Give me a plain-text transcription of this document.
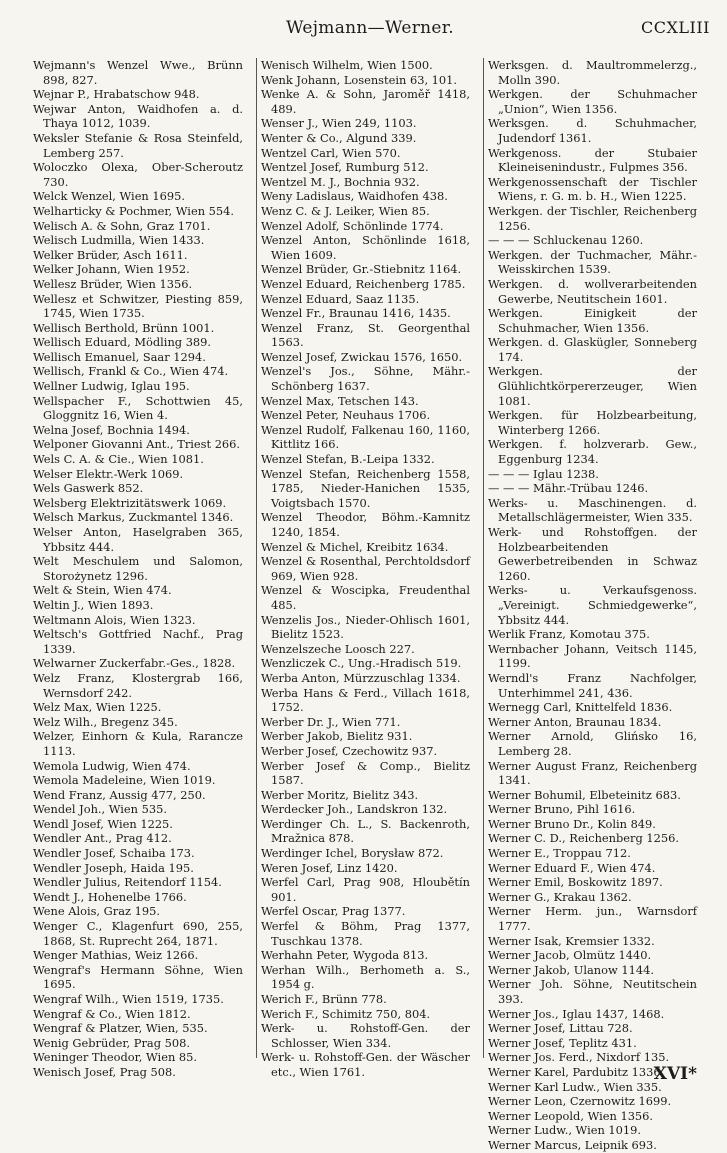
Wejmann—Werner.	CCXLIII
Wejmann's Wenzel Wwe., Brünn 898, 827.
Wejnar P., Hrabatschow 948.
Wejwar Anton, Waidhofen a. d. Thaya 1012, 1039.
Weksler Stefanie & Rosa Steinfeld, Lemberg 257.
Woloczko Olexa, Ober-Scheroutz 730.
Welck Wenzel, Wien 1695.
Welharticky & Pochmer, Wien 554.
Welisch A. & Sohn, Graz 1701.
Welisch Ludmilla, Wien 1433.
Welker Brüder, Asch 1611.
Welker Johann, Wien 1952.
Wellesz Brüder, Wien 1356.
Wellesz et Schwitzer, Piesting 859, 1745, Wien 1735.
Wellisch Berthold, Brünn 1001.
Wellisch Eduard, Mödling 389.
Wellisch Emanuel, Saar 1294.
Wellisch, Frankl & Co., Wien 474.
Wellner Ludwig, Iglau 195.
Wellspacher F., Schottwien 45, Gloggnitz 16, Wien 4.
Welna Josef, Bochnia 1494.
Welponer Giovanni Ant., Triest 266.
Wels C. A. & Cie., Wien 1081.
Welser Elektr.-Werk 1069.
Wels Gaswerk 852.
Welsberg Elektrizitätswerk 1069.
Welsch Markus, Zuckmantel 1346.
Welser Anton, Haselgraben 365, Ybbsitz 444.
Welt Meschulem und Salomon, Storożynetz 1296.
Welt & Stein, Wien 474.
Weltin J., Wien 1893.
Weltmann Alois, Wien 1323.
Weltsch's Gottfried Nachf., Prag 1339.
Welwarner Zuckerfabr.-Ges., 1828.
Welz Franz, Klostergrab 166, Wernsdorf 242.
Welz Max, Wien 1225.
Welz Wilh., Bregenz 345.
Welzer, Einhorn & Kula, Rarancze 1113.
Wemola Ludwig, Wien 474.
Wemola Madeleine, Wien 1019.
Wend Franz, Aussig 477, 250.
Wendel Joh., Wien 535.
Wendl Josef, Wien 1225.
Wendler Ant., Prag 412.
Wendler Josef, Schaiba 173.
Wendler Joseph, Haida 195.
Wendler Julius, Reitendorf 1154.
Wendt J., Hohenelbe 1766.
Wene Alois, Graz 195.
Wenger C., Klagenfurt 690, 255, 1868, St. Ruprecht 264, 1871.
Wenger Mathias, Weiz 1266.
Wengraf's Hermann Söhne, Wien 1695.
Wengraf Wilh., Wien 1519, 1735.
Wengraf & Co., Wien 1812.
Wengraf & Platzer, Wien, 535.
Wenig Gebrüder, Prag 508.
Weninger Theodor, Wien 85.
Wenisch Josef, Prag 508.
Wenisch Wilhelm, Wien 1500.
Wenk Johann, Losenstein 63, 101.
Wenke A. & Sohn, Jaroměř 1418, 489.
Wenser J., Wien 249, 1103.
Wenter & Co., Algund 339.
Wentzel Carl, Wien 570.
Wentzel Josef, Rumburg 512.
Wentzel M. J., Bochnia 932.
Weny Ladislaus, Waidhofen 438.
Wenz C. & J. Leiker, Wien 85.
Wenzel Adolf, Schönlinde 1774.
Wenzel Anton, Schönlinde 1618, Wien 1609.
Wenzel Brüder, Gr.-Stiebnitz 1164.
Wenzel Eduard, Reichenberg 1785.
Wenzel Eduard, Saaz 1135.
Wenzel Fr., Braunau 1416, 1435.
Wenzel Franz, St. Georgenthal 1563.
Wenzel Josef, Zwickau 1576, 1650.
Wenzel's Jos., Söhne, Mähr.-Schönberg 1637.
Wenzel Max, Tetschen 143.
Wenzel Peter, Neuhaus 1706.
Wenzel Rudolf, Falkenau 160, 1160, Kittlitz 166.
Wenzel Stefan, B.-Leipa 1332.
Wenzel Stefan, Reichenberg 1558, 1785, Nieder-Hanichen 1535, Voigtsbach 1570.
Wenzel Theodor, Böhm.-Kamnitz 1240, 1854.
Wenzel & Michel, Kreibitz 1634.
Wenzel & Rosenthal, Perchtoldsdorf 969, Wien 928.
Wenzel & Woscipka, Freudenthal 485.
Wenzelis Jos., Nieder-Ohlisch 1601, Bielitz 1523.
Wenzelszeche Loosch 227.
Wenzliczek C., Ung.-Hradisch 519.
Werba Anton, Mürzzuschlag 1334.
Werba Hans & Ferd., Villach 1618, 1752.
Werber Dr. J., Wien 771.
Werber Jakob, Bielitz 931.
Werber Josef, Czechowitz 937.
Werber Josef & Comp., Bielitz 1587.
Werber Moritz, Bielitz 343.
Werdecker Joh., Landskron 132.
Werdinger Ch. L., S. Backenroth, Mražnica 878.
Werdinger Ichel, Borysław 872.
Weren Josef, Linz 1420.
Werfel Carl, Prag 908, Hloubětín 901.
Werfel Oscar, Prag 1377.
Werfel & Böhm, Prag 1377, Tuschkau 1378.
Werhahn Peter, Wygoda 813.
Werhan Wilh., Berhometh a. S., 1954 g.
Werich F., Brünn 778.
Werich F., Schimitz 750, 804.
Werk- u. Rohstoff-Gen. der Schlosser, Wien 334.
Werk- u. Rohstoff-Gen. der Wäscher etc., Wien 1761.
Werksgen. d. Maultrommelerzg., Molln 390.
Werkgen. der Schuhmacher „Union“, Wien 1356.
Werksgen. d. Schuhmacher, Judendorf 1361.
Werkgenoss. der Stubaier Kleineisenindustr., Fulpmes 356.
Werkgenossenschaft der Tischler Wiens, r. G. m. b. H., Wien 1225.
Werkgen. der Tischler, Reichenberg 1256.
— — — Schluckenau 1260.
Werkgen. der Tuchmacher, Mähr.-Weisskirchen 1539.
Werkgen. d. wollverarbeitenden Gewerbe, Neutitschein 1601.
Werkgen. Einigkeit der Schuhmacher, Wien 1356.
Werkgen. d. Glaskügler, Sonneberg 174.
Werkgen. der Glühlichtkörpererzeuger, Wien 1081.
Werkgen. für Holzbearbeitung, Winterberg 1266.
Werkgen. f. holzverarb. Gew., Eggenburg 1234.
— — — Iglau 1238.
— — — Mähr.-Trübau 1246.
Werks- u. Maschinengen. d. Metallschlägermeister, Wien 335.
Werk- und Rohstoffgen. der Holzbearbeitenden Gewerbetreibenden in Schwaz 1260.
Werks- u. Verkaufsgenoss. „Vereinigt. Schmiedgewerke“, Ybbsitz 444.
Werlik Franz, Komotau 375.
Wernbacher Johann, Veitsch 1145, 1199.
Werndl's Franz Nachfolger, Unterhimmel 241, 436.
Wernegg Carl, Knittelfeld 1836.
Werner Anton, Braunau 1834.
Werner Arnold, Glińsko 16, Lemberg 28.
Werner August Franz, Reichenberg 1341.
Werner Bohumil, Elbeteinitz 683.
Werner Bruno, Pihl 1616.
Werner Bruno Dr., Kolin 849.
Werner C. D., Reichenberg 1256.
Werner E., Troppau 712.
Werner Eduard F., Wien 474.
Werner Emil, Boskowitz 1897.
Werner G., Krakau 1362.
Werner Herm. jun., Warnsdorf 1777.
Werner Isak, Kremsier 1332.
Werner Jacob, Olmütz 1440.
Werner Jakob, Ulanow 1144.
Werner Joh. Söhne, Neutitschein 393.
Werner Jos., Iglau 1437, 1468.
Werner Josef, Littau 728.
Werner Josef, Teplitz 431.
Werner Jos. Ferd., Nixdorf 135.
Werner Karel, Pardubitz 1336.
Werner Karl Ludw., Wien 335.
Werner Leon, Czernowitz 1699.
Werner Leopold, Wien 1356.
Werner Ludw., Wien 1019.
Werner Marcus, Leipnik 693.
XVI*
